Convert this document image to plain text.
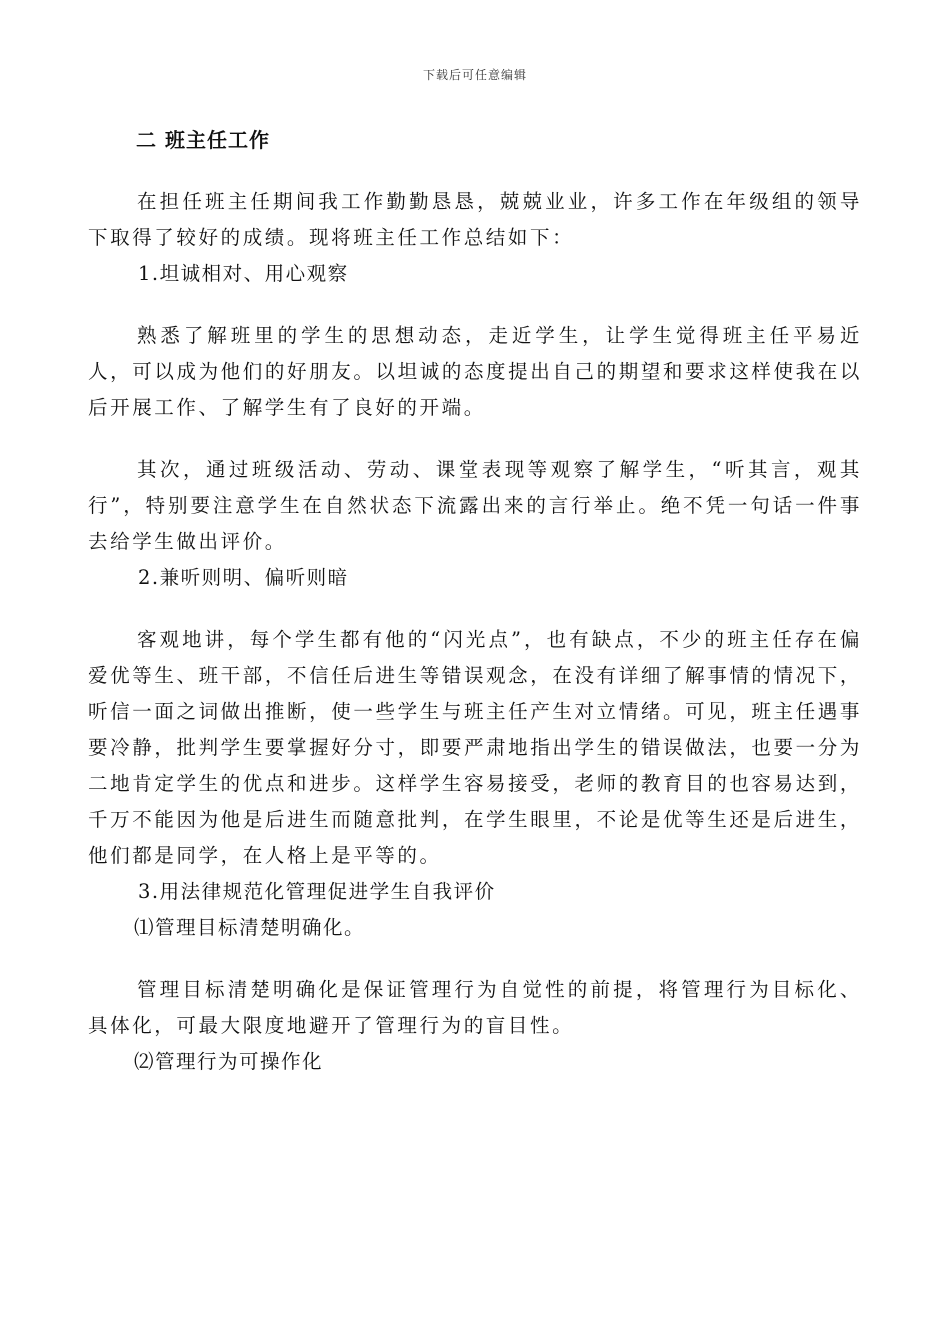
下载后可任意编辑
二 班主任工作

在担任班主任期间我工作勤勤恳恳，兢兢业业，许多工作在年级组的领导下取得了较好的成绩。现将班主任工作总结如下：

1.坦诚相对、用心观察

熟悉了解班里的学生的思想动态，走近学生，让学生觉得班主任平易近人，可以成为他们的好朋友。以坦诚的态度提出自己的期望和要求这样使我在以后开展工作、了解学生有了良好的开端。

其次，通过班级活动、劳动、课堂表现等观察了解学生，“听其言，观其行”，特别要注意学生在自然状态下流露出来的言行举止。绝不凭一句话一件事去给学生做出评价。

2.兼听则明、偏听则暗

客观地讲，每个学生都有他的“闪光点”，也有缺点，不少的班主任存在偏爱优等生、班干部，不信任后进生等错误观念，在没有详细了解事情的情况下，听信一面之词做出推断，使一些学生与班主任产生对立情绪。可见，班主任遇事要冷静，批判学生要掌握好分寸，即要严肃地指出学生的错误做法，也要一分为二地肯定学生的优点和进步。这样学生容易接受，老师的教育目的也容易达到，千万不能因为他是后进生而随意批判，在学生眼里，不论是优等生还是后进生，他们都是同学，在人格上是平等的。

3.用法律规范化管理促进学生自我评价
⑴管理目标清楚明确化。

管理目标清楚明确化是保证管理行为自觉性的前提，将管理行为目标化、具体化，可最大限度地避开了管理行为的盲目性。

⑵管理行为可操作化
